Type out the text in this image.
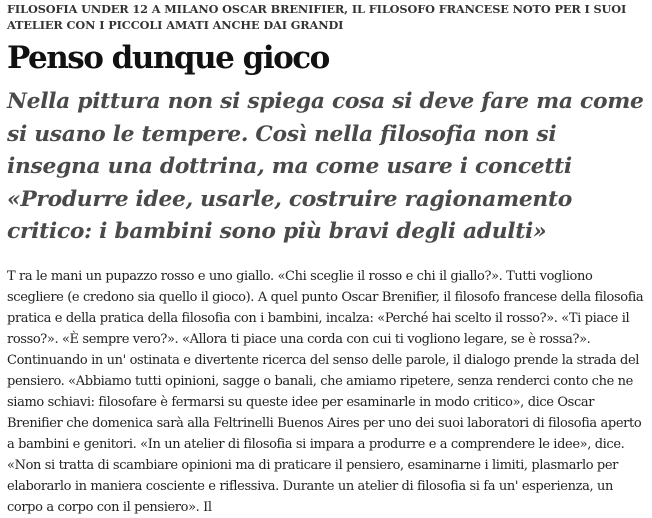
FILOSOFIA UNDER 12 A MILANO OSCAR BRENIFIER, IL FILOSOFO FRANCESE NOTO PER I SUOI ATELIER CON I PICCOLI AMATI ANCHE DAI GRANDI
Penso dunque gioco
Nella pittura non si spiega cosa si deve fare ma come si usano le tempere. Così nella filosofia non si insegna una dottrina, ma come usare i concetti «Produrre idee, usarle, costruire ragionamento critico: i bambini sono più bravi degli adulti»

T ra le mani un pupazzo rosso e uno giallo. «Chi sceglie il rosso e chi il giallo?». Tutti vogliono scegliere (e credono sia quello il gioco). A quel punto Oscar Brenifier, il filosofo francese della filosofia pratica e della pratica della filosofia con i bambini, incalza: «Perché hai scelto il rosso?». «Ti piace il rosso?». «È sempre vero?». «Allora ti piace una corda con cui ti vogliono legare, se è rossa?». Continuando in un' ostinata e divertente ricerca del senso delle parole, il dialogo prende la strada del pensiero. «Abbiamo tutti opinioni, sagge o banali, che amiamo ripetere, senza renderci conto che ne siamo schiavi: filosofare è fermarsi su queste idee per esaminarle in modo critico», dice Oscar Brenifier che domenica sarà alla Feltrinelli Buenos Aires per uno dei suoi laboratori di filosofia aperto a bambini e genitori. «In un atelier di filosofia si impara a produrre e a comprendere le idee», dice. «Non si tratta di scambiare opinioni ma di praticare il pensiero, esaminarne i limiti, plasmarlo per elaborarlo in maniera cosciente e riflessiva. Durante un atelier di filosofia si fa un' esperienza, un corpo a corpo con il pensiero». Il
